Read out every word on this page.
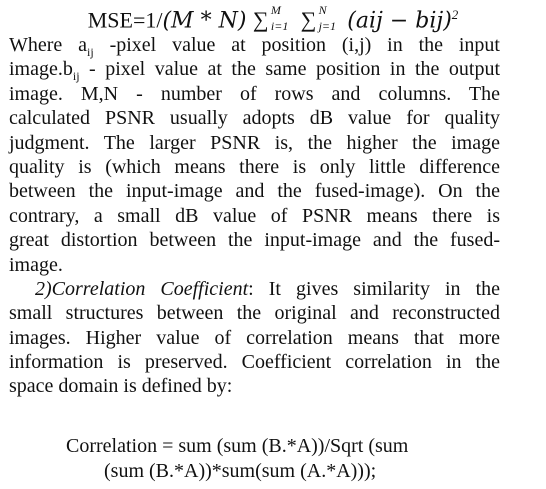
MSE=1/(M * N) ∑ M
i=1 ∑ N
j=1 (aij − bij)$^2$
Where $a_{ij}$ -pixel value at position (i,j) in the input
$image.b_{ij}$ - pixel value at the same position in the output
image. M,N - number of rows and columns. The
calculated PSNR usually adopts dB value for quality
judgment. The larger PSNR is, the higher the image
quality is (which means there is only little difference
between the input-image and the fused-image). On the
contrary, a small dB value of PSNR means there is
great distortion between the input-image and the fused-
image.
2)Correlation Coefficient: It gives similarity in the
small structures between the original and reconstructed
images. Higher value of correlation means that more
information is preserved. Coefficient correlation in the
space domain is defined by:
Correlation = sum (sum (B.*A))/Sqrt (sum
(sum (B.*A))*sum(sum (A.*A)));
